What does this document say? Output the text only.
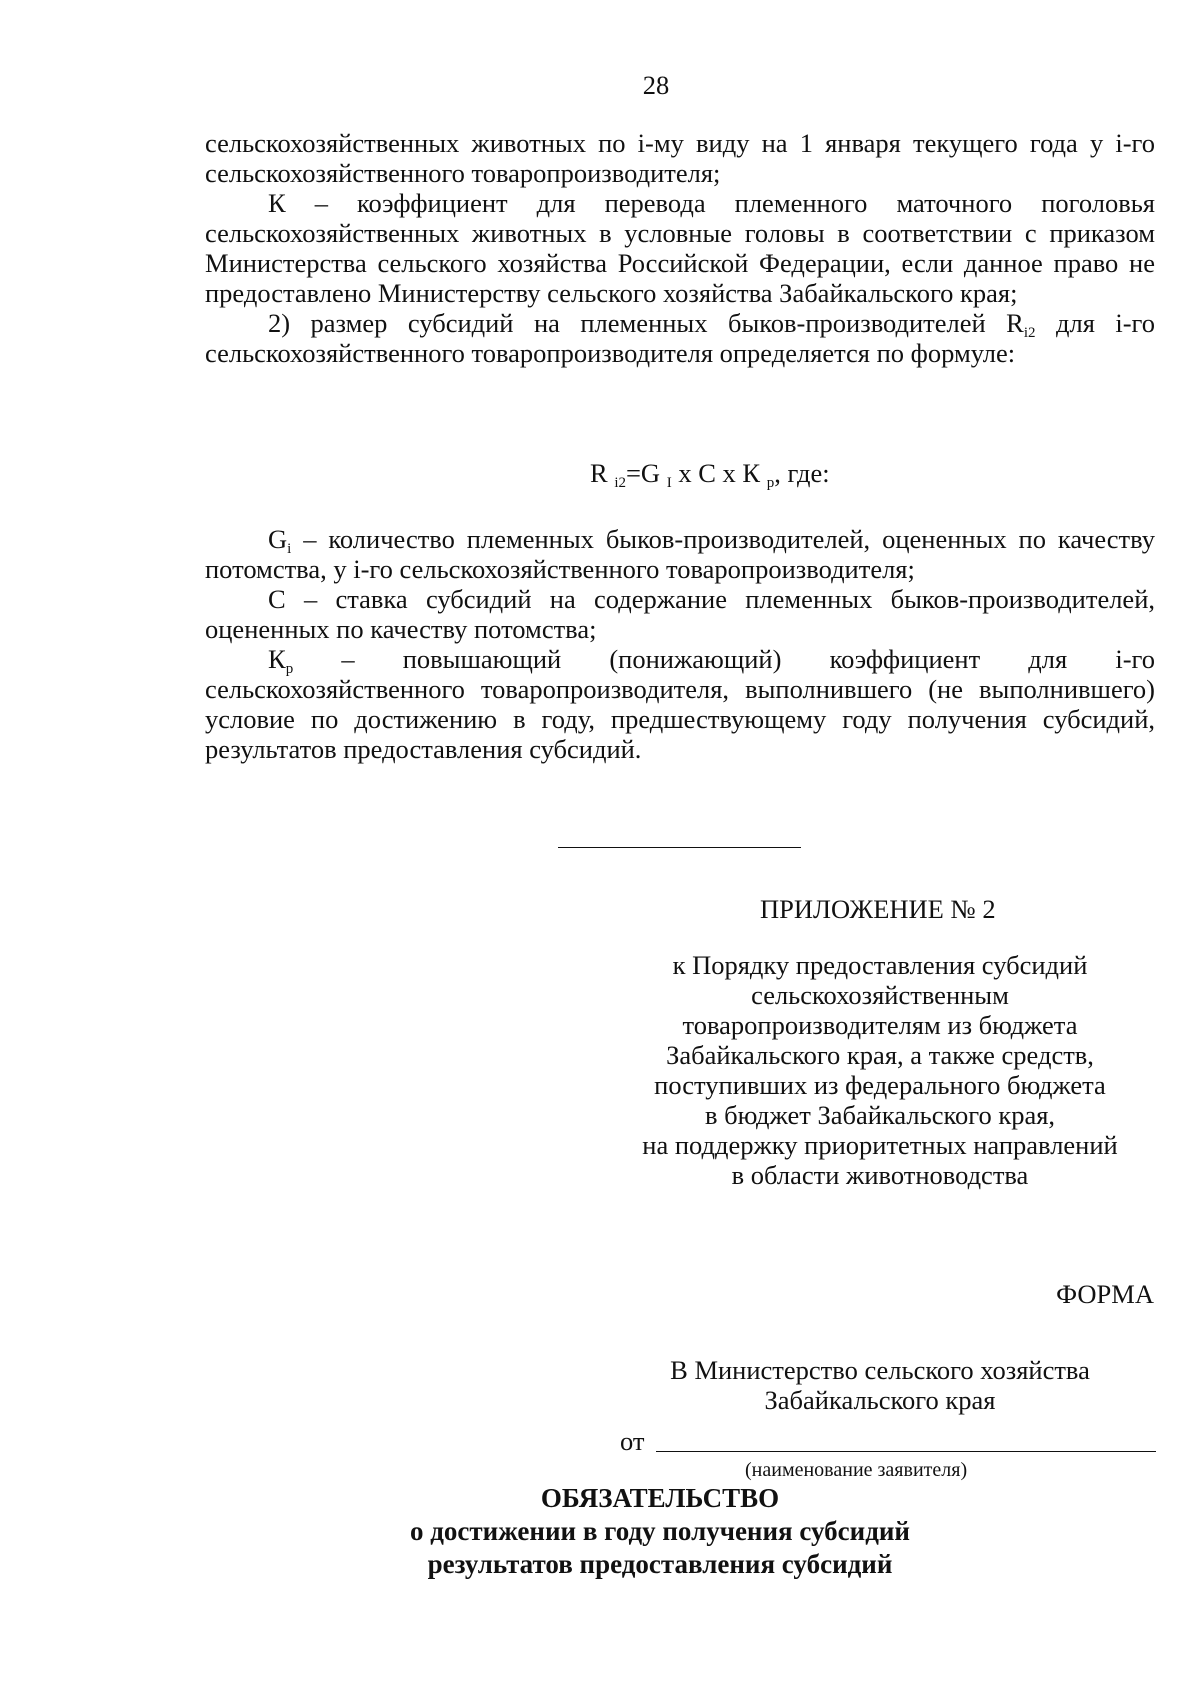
28

сельскохозяйственных животных по i-му виду на 1 января текущего года у i-го сельскохозяйственного товаропроизводителя;

К – коэффициент для перевода племенного маточного поголовья сельскохозяйственных животных в условные головы в соответствии с приказом Министерства сельского хозяйства Российской Федерации, если данное право не предоставлено Министерству сельского хозяйства Забайкальского края;

2) размер субсидий на племенных быков-производителей $R_{i2}$ для i-го сельскохозяйственного товаропроизводителя определяется по формуле:

R $_{i2}$=G $_I$ x C x К $_р$, где:

$G_i$ – количество племенных быков-производителей, оцененных по качеству потомства, у i-го сельскохозяйственного товаропроизводителя;

C – ставка субсидий на содержание племенных быков-производителей, оцененных по качеству потомства;

$К_р$ – повышающий (понижающий) коэффициент для i-го сельскохозяйственного товаропроизводителя, выполнившего (не выполнившего) условие по достижению в году, предшествующему году получения субсидий, результатов предоставления субсидий.

ПРИЛОЖЕНИЕ № 2
к Порядку предоставления субсидий
сельскохозяйственным
товаропроизводителям из бюджета
Забайкальского края, а также средств,
поступивших из федерального бюджета
в бюджет Забайкальского края,
на поддержку приоритетных направлений
в области животноводства
ФОРМА
В Министерство сельского хозяйства
Забайкальского края
от
(наименование заявителя)
ОБЯЗАТЕЛЬСТВО
о достижении в году получения субсидий
результатов предоставления субсидий
